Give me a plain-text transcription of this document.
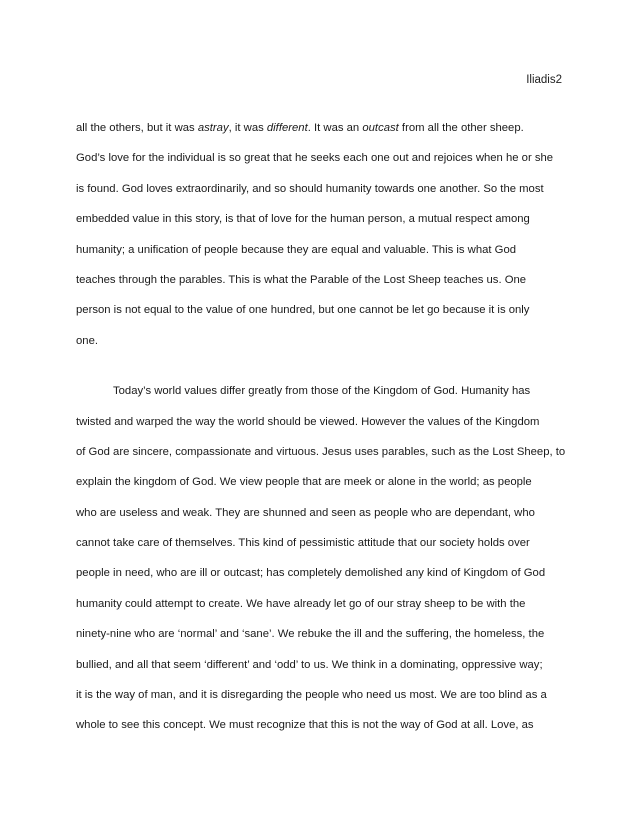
Iliadis2
all the others, but it was astray, it was different. It was an outcast from all the other sheep.
God’s love for the individual is so great that he seeks each one out and rejoices when he or she
is found. God loves extraordinarily, and so should humanity towards one another. So the most
embedded value in this story, is that of love for the human person, a mutual respect among
humanity; a unification of people because they are equal and valuable. This is what God
teaches through the parables. This is what the Parable of the Lost Sheep teaches us. One
person is not equal to the value of one hundred, but one cannot be let go because it is only
one.
Today’s world values differ greatly from those of the Kingdom of God. Humanity has
twisted and warped the way the world should be viewed. However the values of the Kingdom
of God are sincere, compassionate and virtuous. Jesus uses parables, such as the Lost Sheep, to
explain the kingdom of God. We view people that are meek or alone in the world; as people
who are useless and weak. They are shunned and seen as people who are dependant, who
cannot take care of themselves. This kind of pessimistic attitude that our society holds over
people in need, who are ill or outcast; has completely demolished any kind of Kingdom of God
humanity could attempt to create. We have already let go of our stray sheep to be with the
ninety-nine who are ‘normal’ and ‘sane’. We rebuke the ill and the suffering, the homeless, the
bullied, and all that seem ‘different’ and ‘odd’ to us. We think in a dominating, oppressive way;
it is the way of man, and it is disregarding the people who need us most. We are too blind as a
whole to see this concept. We must recognize that this is not the way of God at all. Love, as
